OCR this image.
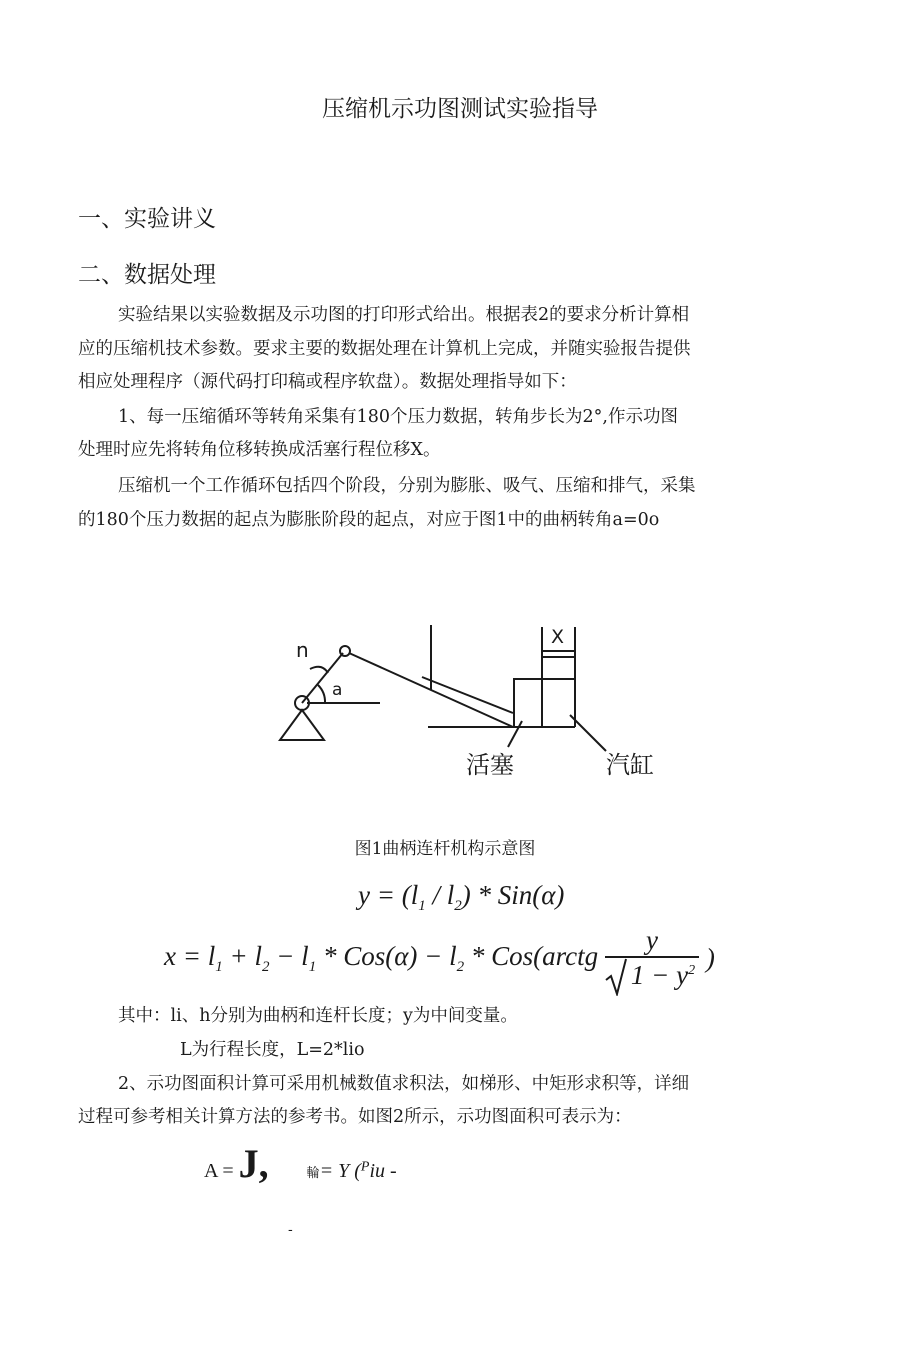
压缩机示功图测试实验指导
一、实验讲义
二、数据处理
实验结果以实验数据及示功图的打印形式给出。根据表2的要求分析计算相
应的压缩机技术参数。要求主要的数据处理在计算机上完成，并随实验报告提供
相应处理程序（源代码打印稿或程序软盘）。数据处理指导如下：
1、每一压缩循环等转角采集有180个压力数据，转角步长为2°,作示功图
处理时应先将转角位移转换成活塞行程位移X。
压缩机一个工作循环包括四个阶段，分别为膨胀、吸气、压缩和排气，采集
的180个压力数据的起点为膨胀阶段的起点，对应于图1中的曲柄转角a=0o
n
a
X
活塞	汽缸
图1曲柄连杆机构示意图
$y = (l_1 / l_2) * Sin(\alpha)$
$x = l_1 + l_2 - l_1 * Cos(\alpha) - l_2$ * Cos(arctg $\frac{y}{1 - y^2}$ )
其中：li、h分别为曲柄和连杆长度；y为中间变量。
L为行程长度，L=2*lio
2、示功图面积计算可采用机械数值求积法，如梯形、中矩形求积等，详细
过程可参考相关计算方法的参考书。如图2所示，示功图面积可表示为：
A = J,	輪= Y ($^P$iu -
-
